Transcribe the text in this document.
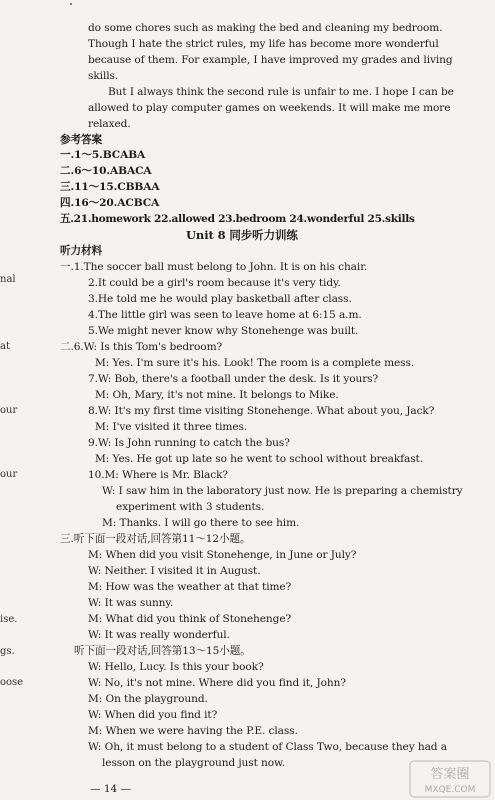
do some chores such as making the bed and cleaning my bedroom.
Though I hate the strict rules, my life has become more wonderful
because of them. For example, I have improved my grades and living
skills.
But I always think the second rule is unfair to me. I hope I can be
allowed to play computer games on weekends. It will make me more
relaxed.
参考答案
一.1～5.BCABA
二.6～10.ABACA
三.11～15.CBBAA
四.16～20.ACBCA
五.21.homework 22.allowed 23.bedroom 24.wonderful 25.skills
Unit 8 同步听力训练
听力材料
一.1.The soccer ball must belong to John. It is on his chair.
2.It could be a girl's room because it's very tidy.
3.He told me he would play basketball after class.
4.The little girl was seen to leave home at 6:15 a.m.
5.We might never know why Stonehenge was built.
二.6.W: Is this Tom's bedroom?
M: Yes. I'm sure it's his. Look! The room is a complete mess.
7.W: Bob, there's a football under the desk. Is it yours?
M: Oh, Mary, it's not mine. It belongs to Mike.
8.W: It's my first time visiting Stonehenge. What about you, Jack?
M: I've visited it three times.
9.W: Is John running to catch the bus?
M: Yes. He got up late so he went to school without breakfast.
10.M: Where is Mr. Black?
W: I saw him in the laboratory just now. He is preparing a chemistry
experiment with 3 students.
M: Thanks. I will go there to see him.
三.听下面一段对话,回答第11～12小题。
M: When did you visit Stonehenge, in June or July?
W: Neither. I visited it in August.
M: How was the weather at that time?
W: It was sunny.
M: What did you think of Stonehenge?
W: It was really wonderful.
听下面一段对话,回答第13～15小题。
W: Hello, Lucy. Is this your book?
W: No, it's not mine. Where did you find it, John?
M: On the playground.
W: When did you find it?
M: When we were having the P.E. class.
W: Oh, it must belong to a student of Class Two, because they had a
lesson on the playground just now.
nal
at
our
our
ise.
gs.
oose
— 14 —
答案圈
MXQE.COM
